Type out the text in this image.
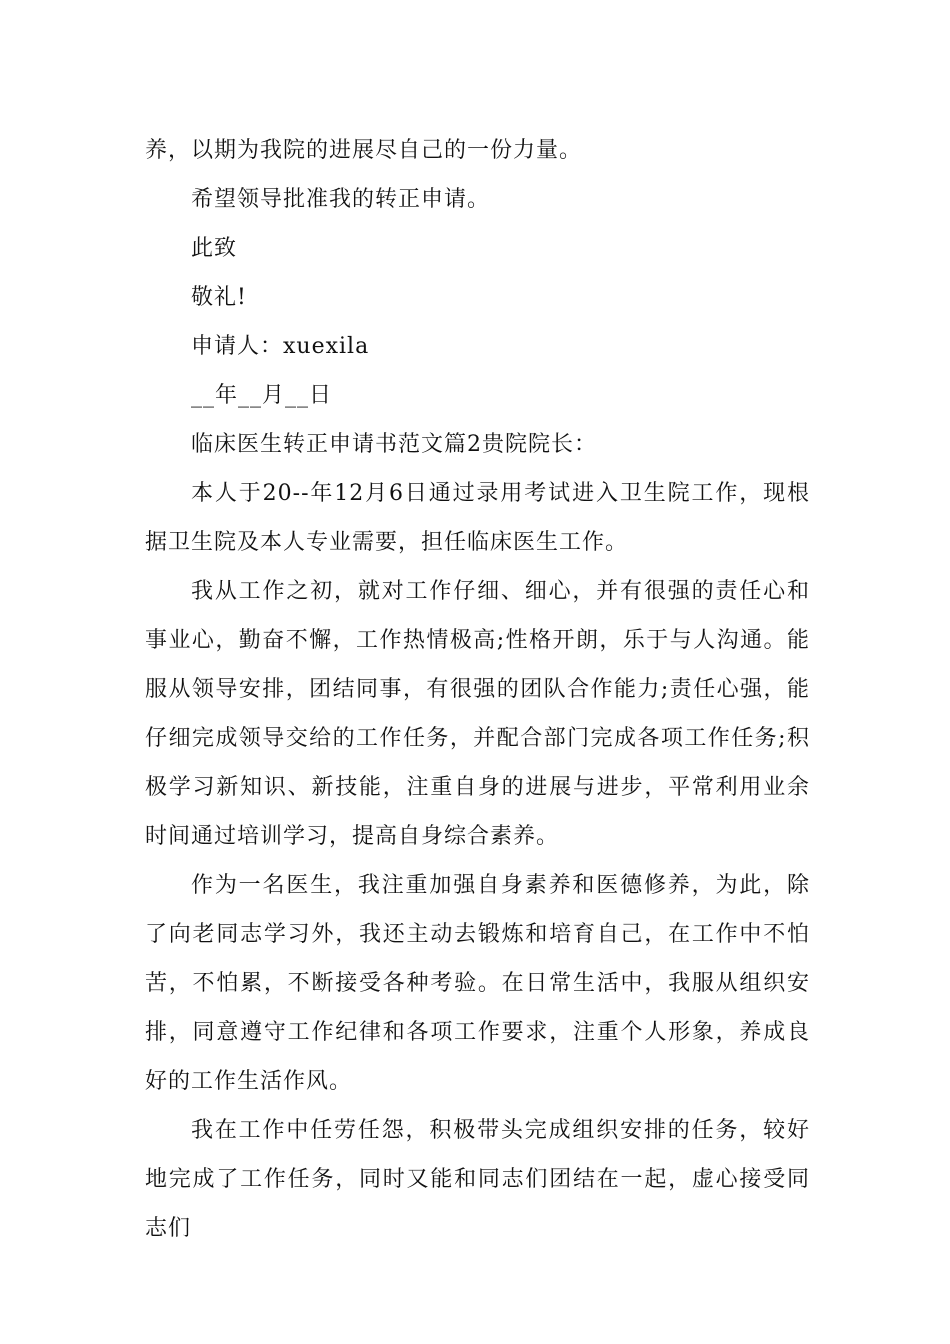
养，以期为我院的进展尽自己的一份力量。

希望领导批准我的转正申请。

此致

敬礼!

申请人：xuexila

__年__月__日

临床医生转正申请书范文篇2贵院院长：

本人于20--年12月6日通过录用考试进入卫生院工作，现根据卫生院及本人专业需要，担任临床医生工作。

我从工作之初，就对工作仔细、细心，并有很强的责任心和事业心，勤奋不懈，工作热情极高;性格开朗，乐于与人沟通。能服从领导安排，团结同事，有很强的团队合作能力;责任心强，能仔细完成领导交给的工作任务，并配合部门完成各项工作任务;积极学习新知识、新技能，注重自身的进展与进步，平常利用业余时间通过培训学习，提高自身综合素养。

作为一名医生，我注重加强自身素养和医德修养，为此，除了向老同志学习外，我还主动去锻炼和培育自己，在工作中不怕苦，不怕累，不断接受各种考验。在日常生活中，我服从组织安排，同意遵守工作纪律和各项工作要求，注重个人形象，养成良好的工作生活作风。

我在工作中任劳任怨，积极带头完成组织安排的任务，较好地完成了工作任务，同时又能和同志们团结在一起，虚心接受同志们
